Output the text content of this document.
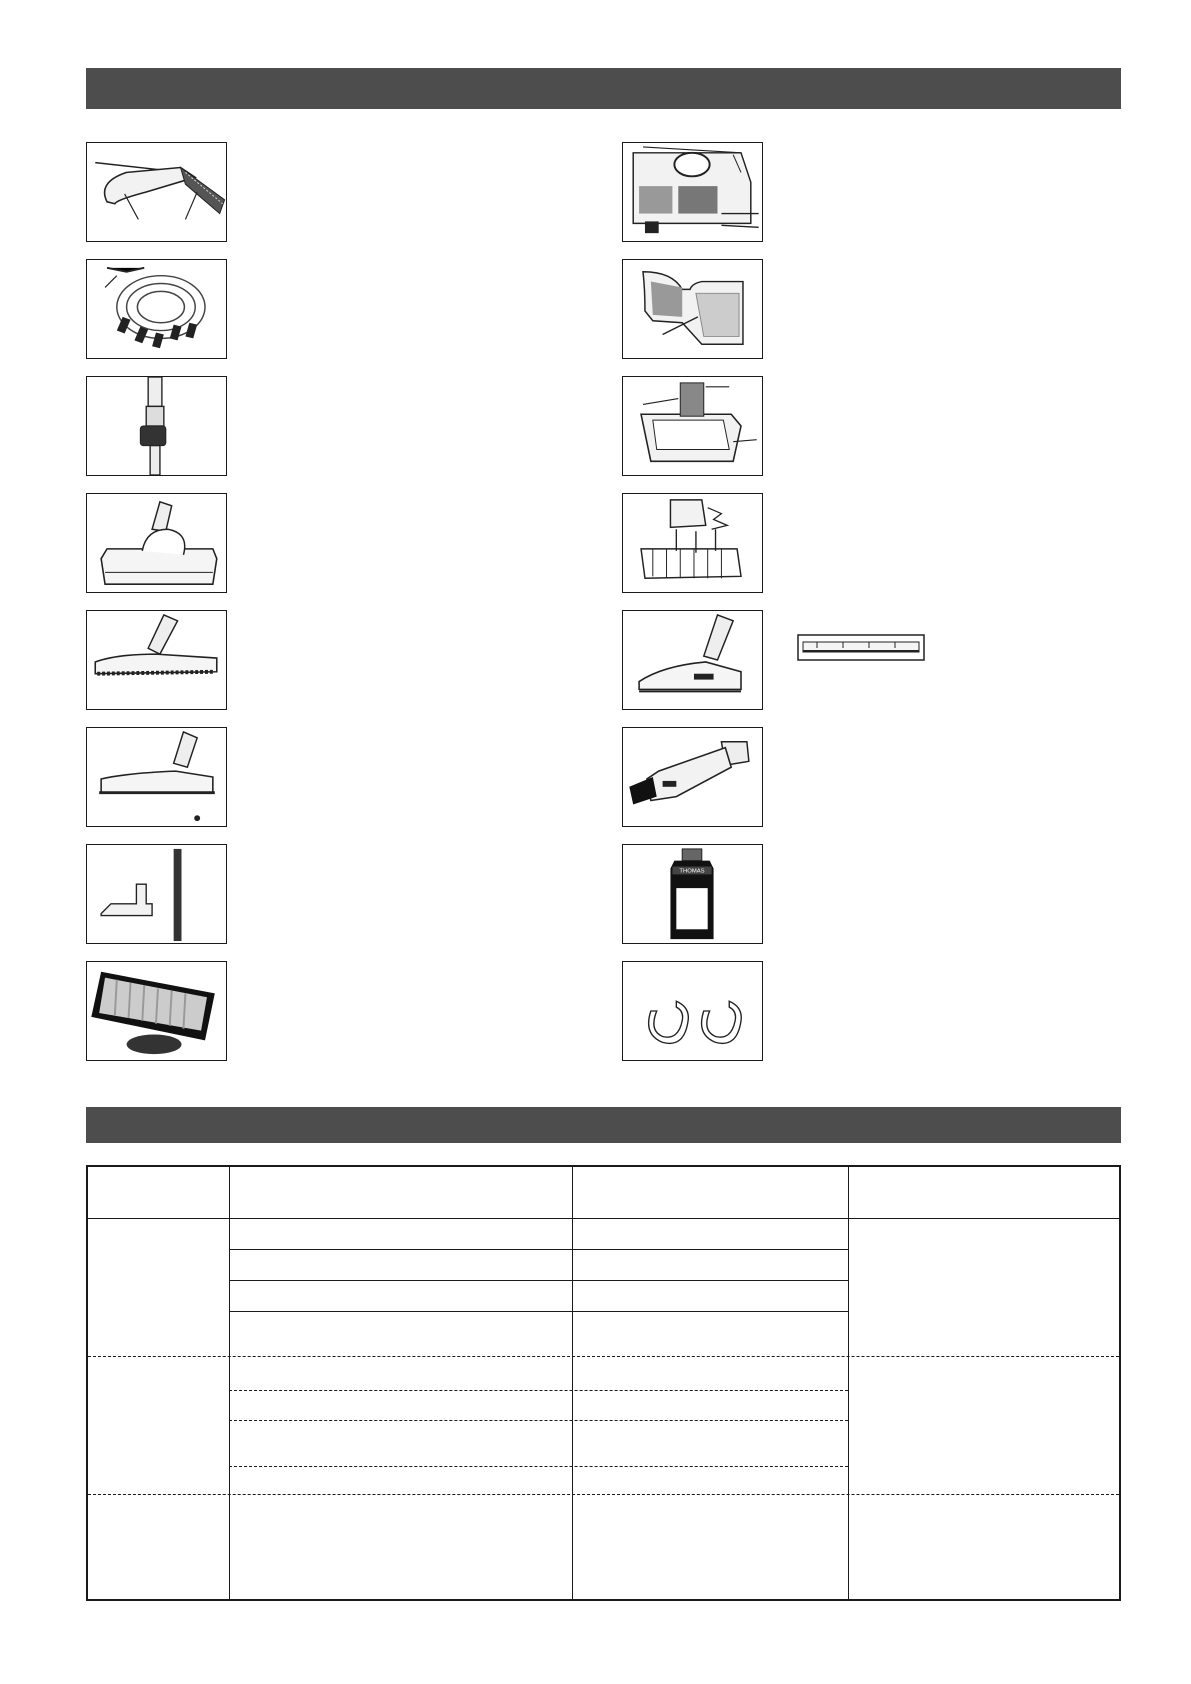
THOMAS
